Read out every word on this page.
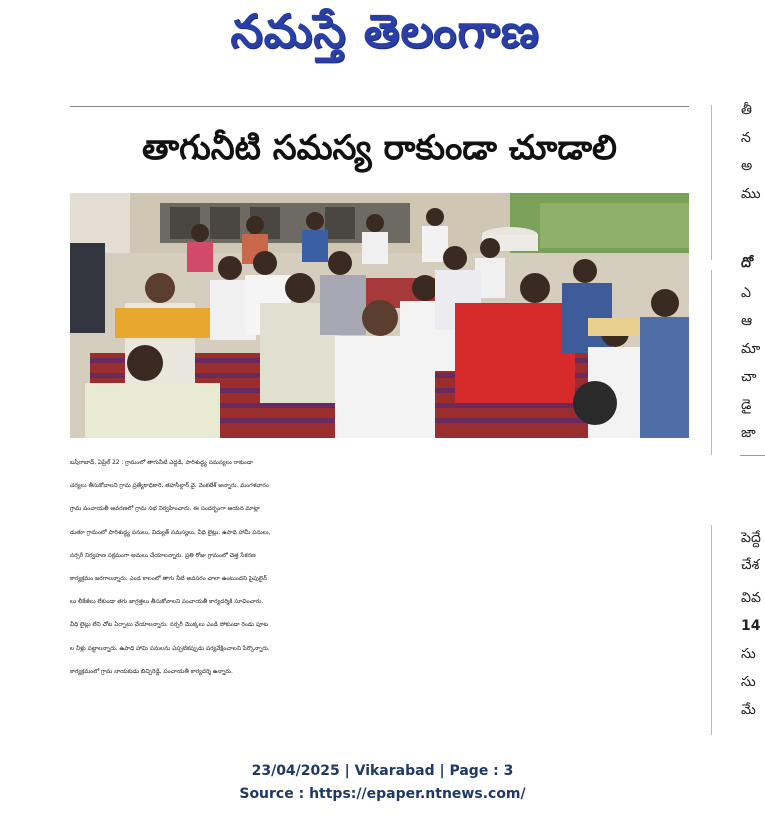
నమస్తే తెలంగాణ
తాగునీటి సమస్య రాకుండా చూడాలి
బషీరాబాద్, ఏప్రిల్ 22 : గ్రామంలో తాగునీటి ఎద్దడి, పారిశుద్ధ్య సమస్యలు రాకుండా
చర్యలు తీసుకోవాలని గ్రామ ప్రత్యేకాధికారి, తహసీల్దార్ వై. వెంకటేశ్ అన్నారు. మంగళవారం
గ్రామ పంచాయతీ ఆవరణలో గ్రామ సభ నిర్వహించారు. ఈ సందర్భంగా ఆయన మాట్లా
డుతూ గ్రామంలో పారిశుద్ధ్య పనులు, విద్యుత్ సమస్యలు, వీధి లైట్లు, ఉపాధి హామీ పనులు,
నర్సరీ నిర్వహణ సక్రమంగా అమలు చేయాలన్నారు. ప్రతి రోజు గ్రామంలో చెత్త సేకరణ
కార్యక్రమం జరగాలన్నారు. ఎండ కాలంలో తాగు నీటి అవసరం చాలా ఉంటుందని పైపులైన్
లు లీకేజీలు లేకుండా తగు జాగ్రత్తలు తీసుకోవాలని పంచాయతీ కార్యదర్శికి సూచించారు.
వీధి లైట్లు లేని చోట ఏర్పాటు చేయాలన్నారు. నర్సరీ మొక్కలు ఎండి పోకుండా రెండు పూట
ల నీళ్లు పట్టాలన్నారు. ఉపాధి హామి పనులను ఎప్పటికప్పుడు పర్యవేక్షించాలని పేర్కొన్నారు.
కార్యక్రమంలో గ్రామ నాయకుడు బిచ్చిరెడ్డి, పంచాయతీ కార్యదర్శి ఉన్నారు.
23/04/2025 | Vikarabad | Page : 3
Source : https://epaper.ntnews.com/
తీ
న
అ
ము
దో
ఎ
ఆ
మా
చా
డై
జా
పెద్దే
చేశ
వివ
14
సు
సు
మే
